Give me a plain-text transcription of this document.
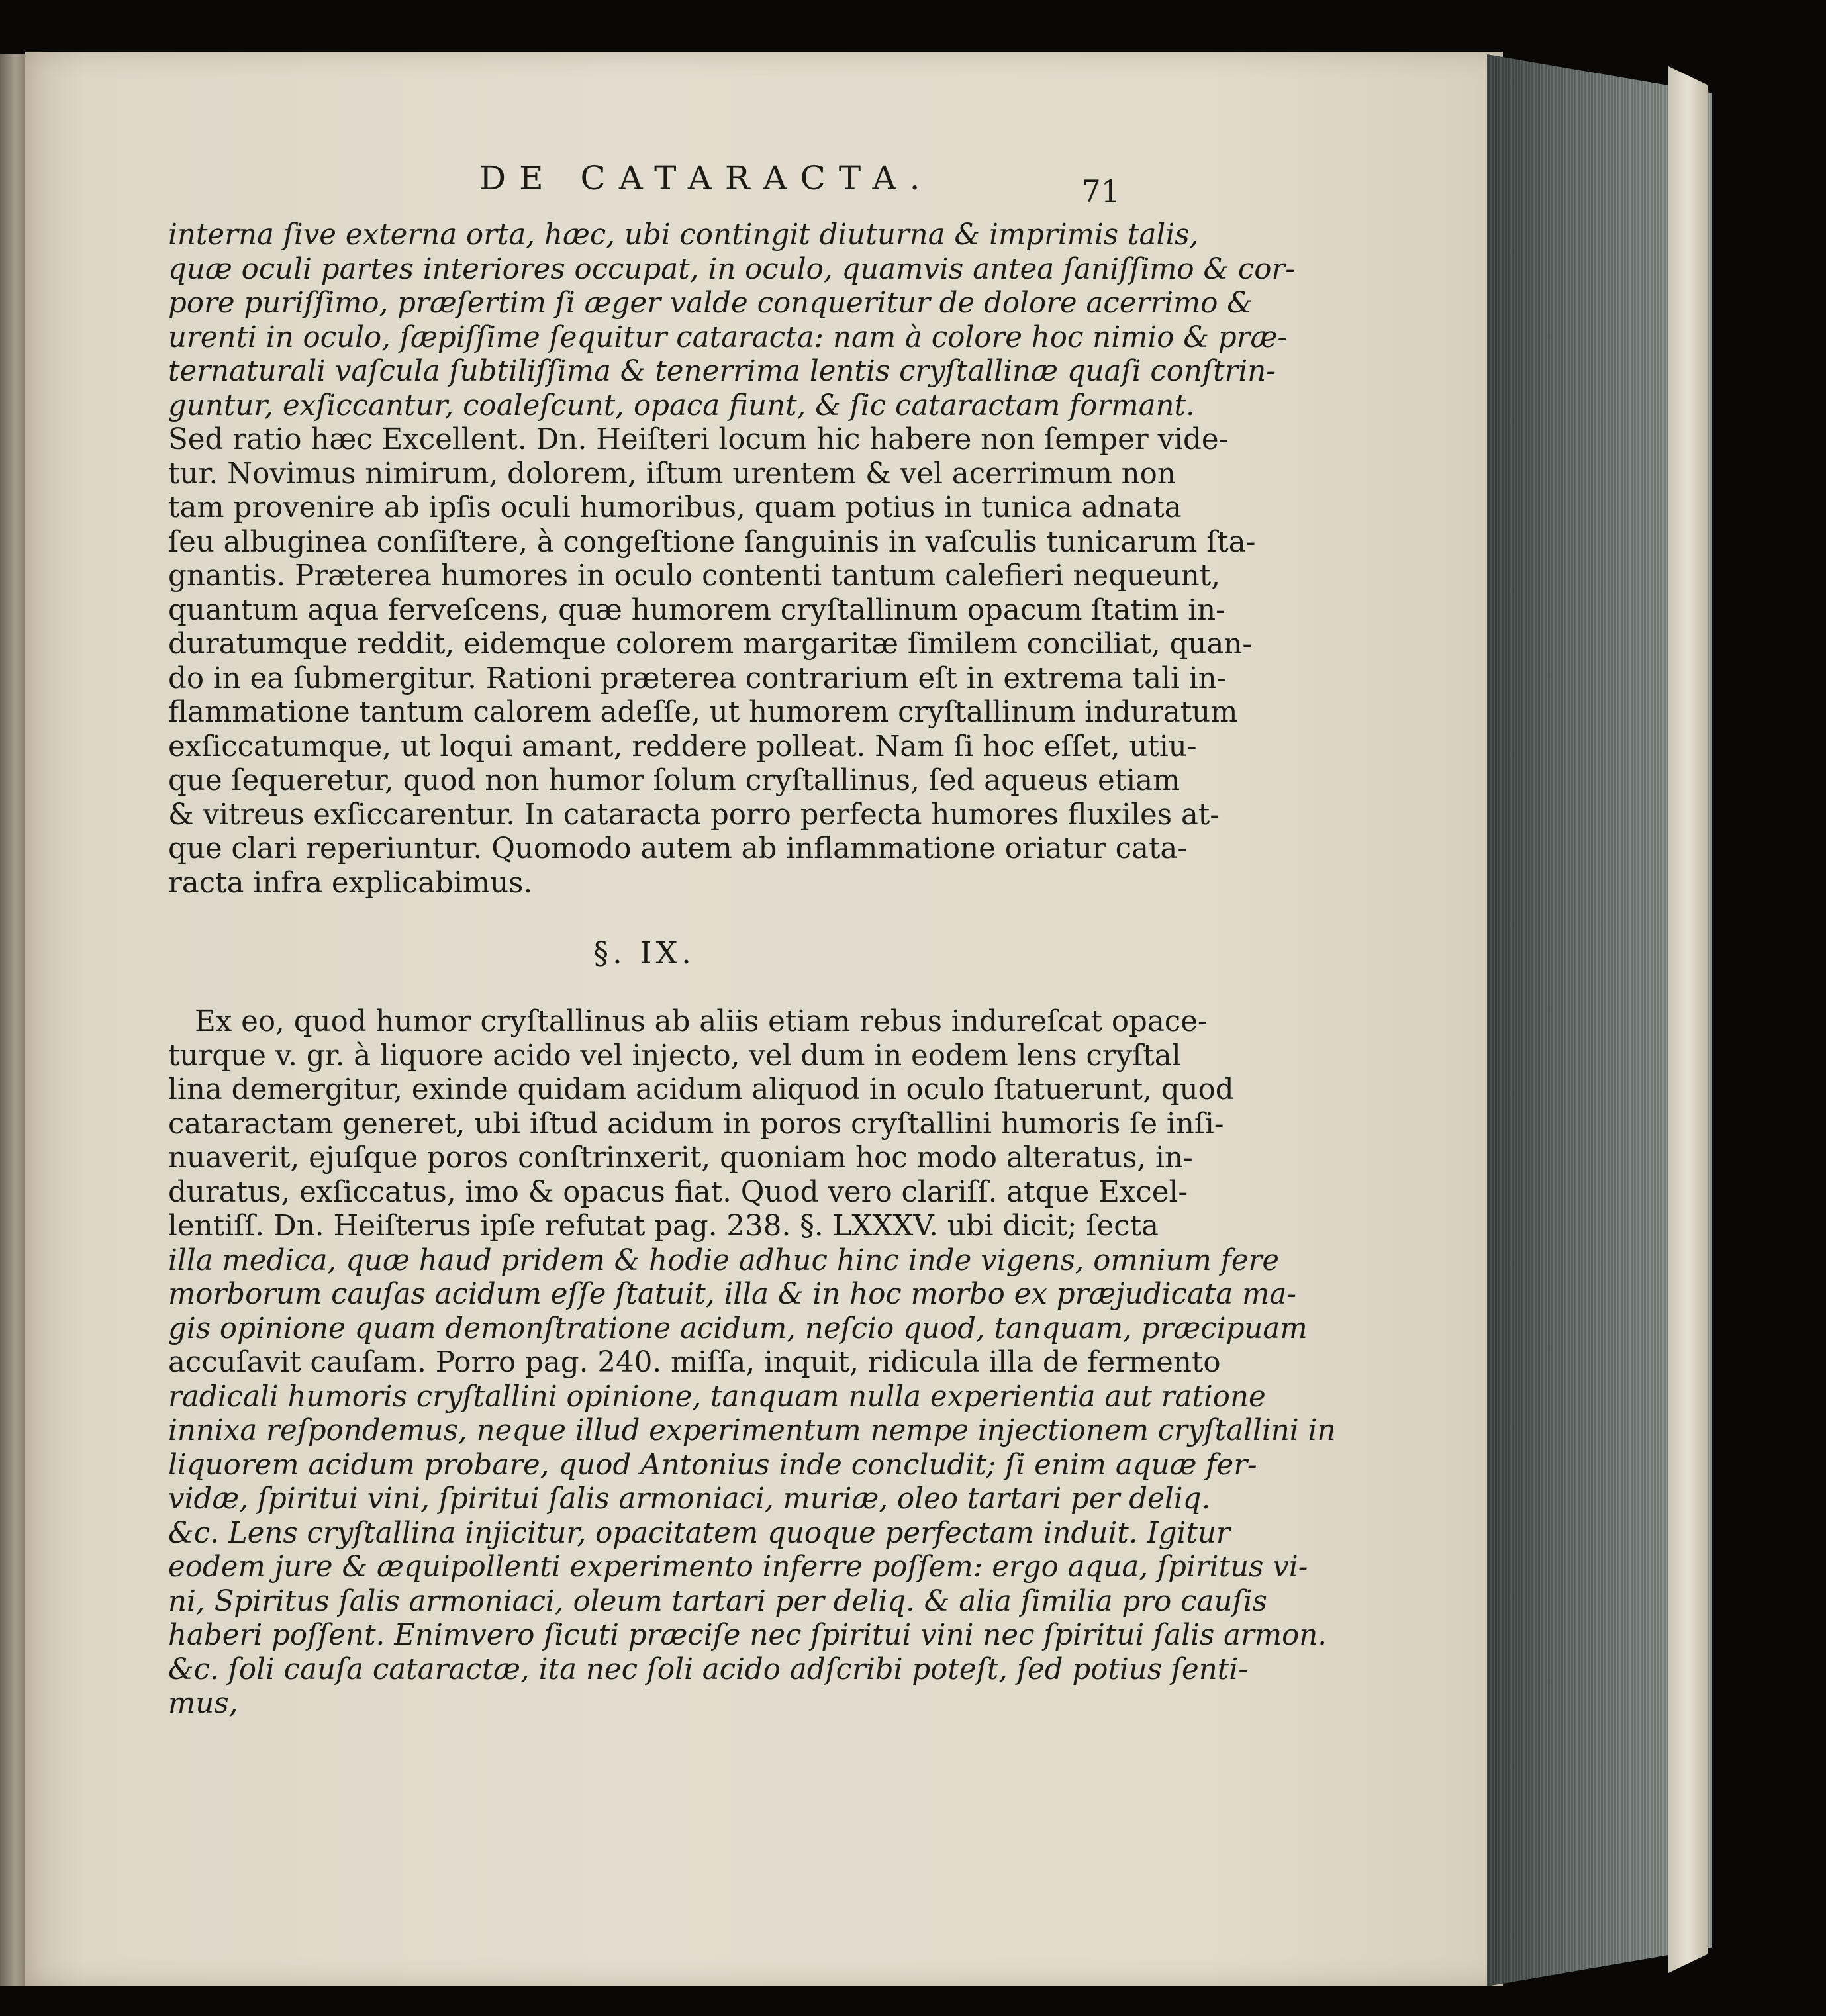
DE CATARACTA.	71
interna ſive externa orta, hæc, ubi contingit diuturna & imprimis talis,
quæ oculi partes interiores occupat, in oculo, quamvis antea ſaniſſimo & cor-
pore puriſſimo, præſertim ſi æger valde conqueritur de dolore acerrimo &
urenti in oculo, ſæpiſſime ſequitur cataracta: nam à colore hoc nimio & præ-
ternaturali vaſcula ſubtiliſſima & tenerrima lentis cryſtallinæ quaſi conſtrin-
guntur, exſiccantur, coaleſcunt, opaca fiunt, & ſic cataractam formant.
Sed ratio hæc Excellent. Dn. Heiſteri locum hic habere non ſemper vide-
tur. Novimus nimirum, dolorem, iſtum urentem & vel acerrimum non
tam provenire ab ipſis oculi humoribus, quam potius in tunica adnata
ſeu albuginea conſiſtere, à congeſtione ſanguinis in vaſculis tunicarum ſta-
gnantis. Præterea humores in oculo contenti tantum calefieri nequeunt,
quantum aqua ferveſcens, quæ humorem cryſtallinum opacum ſtatim in-
duratumque reddit, eidemque colorem margaritæ ſimilem conciliat, quan-
do in ea ſubmergitur. Rationi præterea contrarium eſt in extrema tali in-
flammatione tantum calorem adeſſe, ut humorem cryſtallinum induratum
exſiccatumque, ut loqui amant, reddere polleat. Nam ſi hoc eſſet, utiu-
que ſequeretur, quod non humor ſolum cryſtallinus, ſed aqueus etiam
& vitreus exſiccarentur. In cataracta porro perfecta humores fluxiles at-
que clari reperiuntur. Quomodo autem ab inflammatione oriatur cata-
racta infra explicabimus.
§. IX.
Ex eo, quod humor cryſtallinus ab aliis etiam rebus indureſcat opace-
turque v. gr. à liquore acido vel injecto, vel dum in eodem lens cryſtal
lina demergitur, exinde quidam acidum aliquod in oculo ſtatuerunt, quod
cataractam generet, ubi iſtud acidum in poros cryſtallini humoris ſe inſi-
nuaverit, ejuſque poros conſtrinxerit, quoniam hoc modo alteratus, in-
duratus, exſiccatus, imo & opacus fiat. Quod vero clariſſ. atque Excel-
lentiſſ. Dn. Heiſterus ipſe refutat pag. 238. §. LXXXV. ubi dicit; ſecta
illa medica, quæ haud pridem & hodie adhuc hinc inde vigens, omnium fere
morborum cauſas acidum eſſe ſtatuit, illa & in hoc morbo ex præjudicata ma-
gis opinione quam demonſtratione acidum, neſcio quod, tanquam, præcipuam
accuſavit cauſam. Porro pag. 240. miſſa, inquit, ridicula illa de fermento
radicali humoris cryſtallini opinione, tanquam nulla experientia aut ratione
innixa reſpondemus, neque illud experimentum nempe injectionem cryſtallini in
liquorem acidum probare, quod Antonius inde concludit; ſi enim aquæ fer-
vidæ, ſpiritui vini, ſpiritui ſalis armoniaci, muriæ, oleo tartari per deliq.
&c. Lens cryſtallina injicitur, opacitatem quoque perfectam induit. Igitur
eodem jure & æquipollenti experimento inferre poſſem: ergo aqua, ſpiritus vi-
ni, Spiritus ſalis armoniaci, oleum tartari per deliq. & alia ſimilia pro cauſis
haberi poſſent. Enimvero ſicuti præciſe nec ſpiritui vini nec ſpiritui ſalis armon.
&c. ſoli cauſa cataractæ, ita nec ſoli acido adſcribi poteſt, ſed potius ſenti-
mus,
